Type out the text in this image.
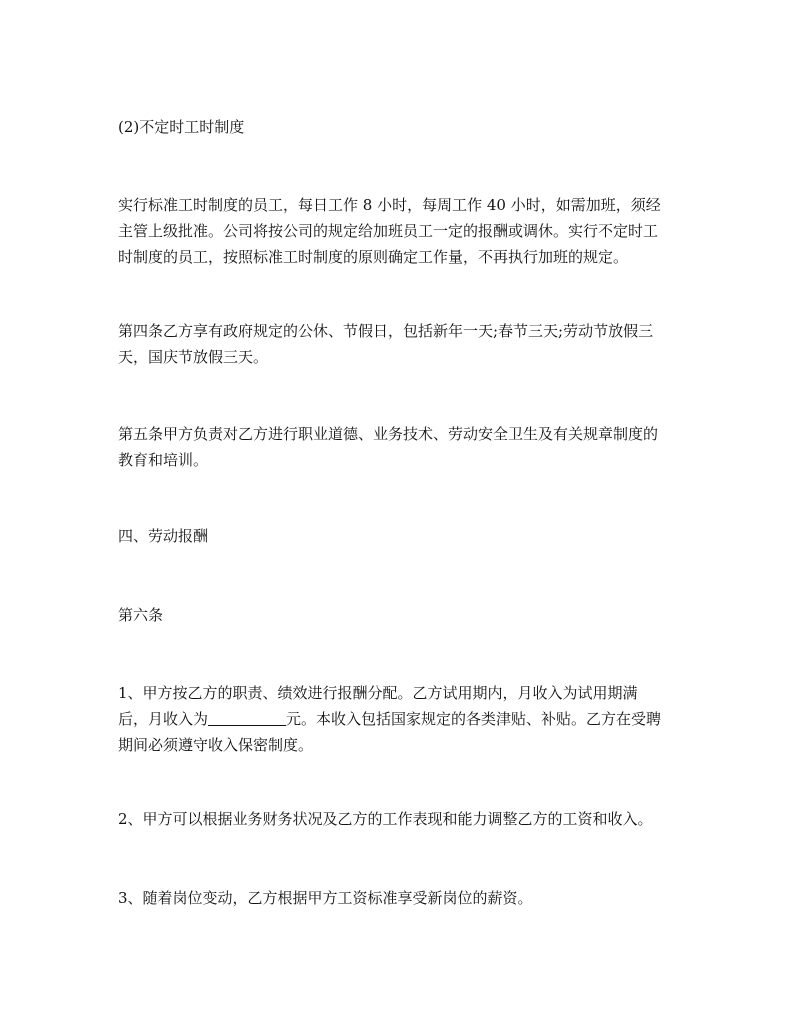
(2)不定时工时制度

实行标准工时制度的员工，每日工作 8 小时，每周工作 40 小时，如需加班，须经
主管上级批准。公司将按公司的规定给加班员工一定的报酬或调休。实行不定时工
时制度的员工，按照标准工时制度的原则确定工作量，不再执行加班的规定。

第四条乙方享有政府规定的公休、节假日，包括新年一天;春节三天;劳动节放假三
天，国庆节放假三天。

第五条甲方负责对乙方进行职业道德、业务技术、劳动安全卫生及有关规章制度的
教育和培训。

四、劳动报酬

第六条

1、甲方按乙方的职责、绩效进行报酬分配。乙方试用期内，月收入为试用期满
后，月收入为	元。本收入包括国家规定的各类津贴、补贴。乙方在受聘
期间必须遵守收入保密制度。

2、甲方可以根据业务财务状况及乙方的工作表现和能力调整乙方的工资和收入。

3、随着岗位变动，乙方根据甲方工资标准享受新岗位的薪资。
